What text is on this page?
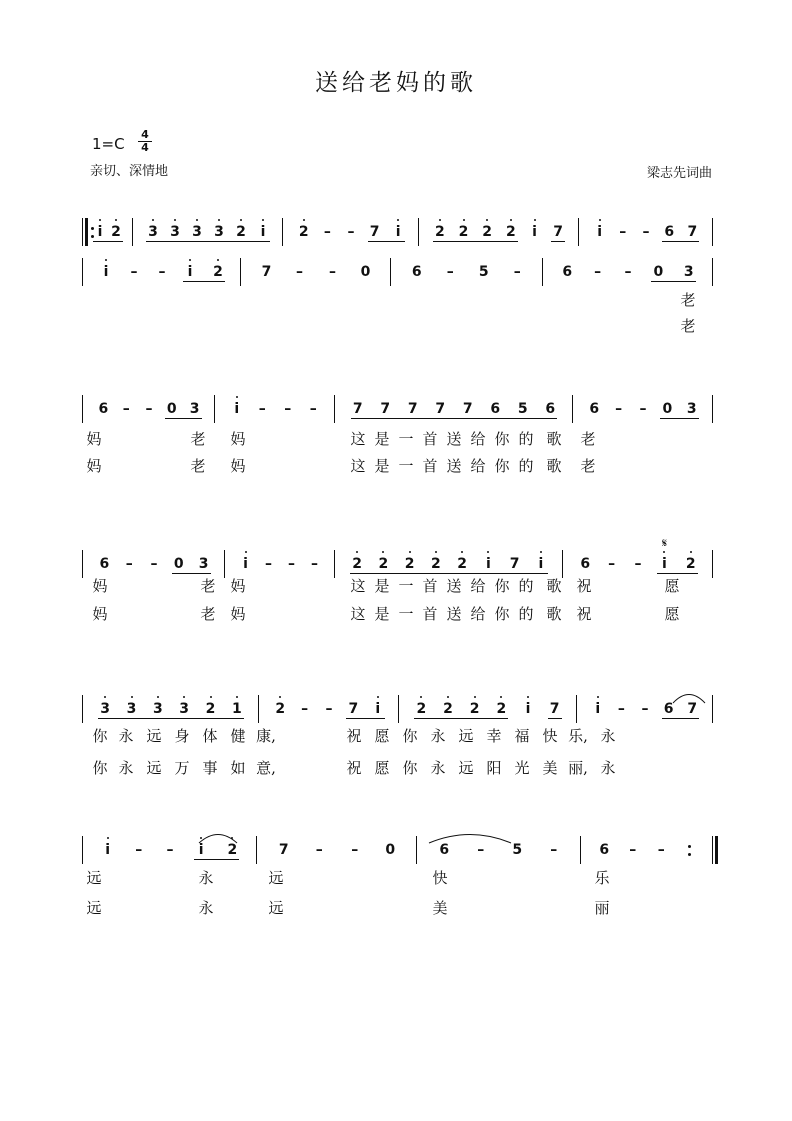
送给老妈的歌
1=C
4
4
亲切、深情地	梁志先词曲
i 2 3 3 3 3 2 i 2 – – 7 i 2 2 2 2 i 7 i – – 6 7
i – – i 2	7 – – 0	6 – 5 –	6 – – 0 3
老
老
6 – – 0 3 i – – –	7 7 7 7 7 6 5 6 6 – – 0 3
妈	老 妈	这 是 一 首 送 给 你 的 歌 老
妈	老 妈	这 是 一 首 送 给 你 的 歌 老
6 – – 0 3 i – – – 2 2 2 2 2 i 7 i	6 – – i 2
妈	老 妈	这 是 一 首 送 给 你 的 歌 祝	愿
妈	老 妈	这 是 一 首 送 给 你 的 歌 祝	愿
3 3 3 3 2 1 2 – – 7 i	2 2 2 2 i 7	i – – 6 7
你 永 远 身 体 健 康,	祝 愿 你 永 远 幸 福 快 乐, 永
你 永 远 万 事 如 意,	祝 愿 你 永 远 阳 光 美 丽, 永
i – – i 2	7 – – 0	6 – 5 –	6 – –
远	永	远	快	乐
远	永	远	美	丽
𝄋
